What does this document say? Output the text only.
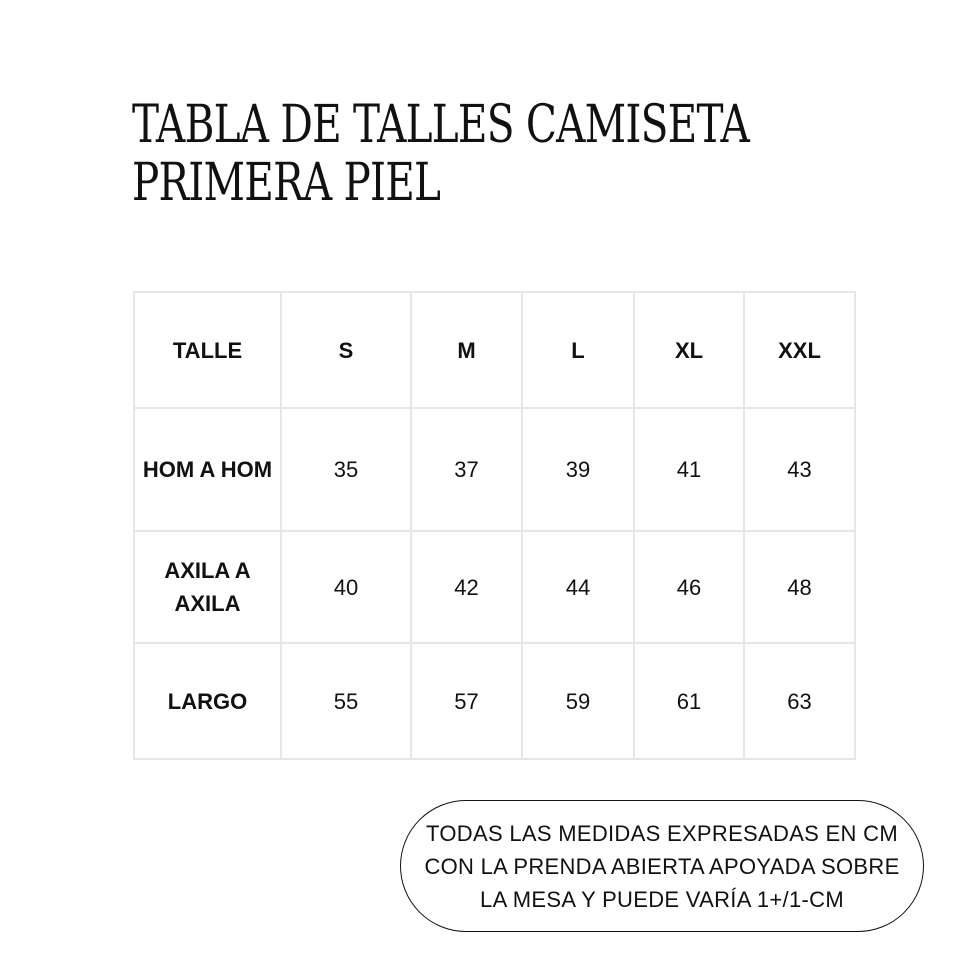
TABLA DE TALLES CAMISETA PRIMERA PIEL
TALLE	S	M	L	XL	XXL
HOM A HOM	35	37	39	41	43
AXILA A AXILA	40	42	44	46	48
LARGO	55	57	59	61	63
TODAS LAS MEDIDAS EXPRESADAS EN CM CON LA PRENDA ABIERTA APOYADA SOBRE LA MESA Y PUEDE VARÍA 1+/1-CM
